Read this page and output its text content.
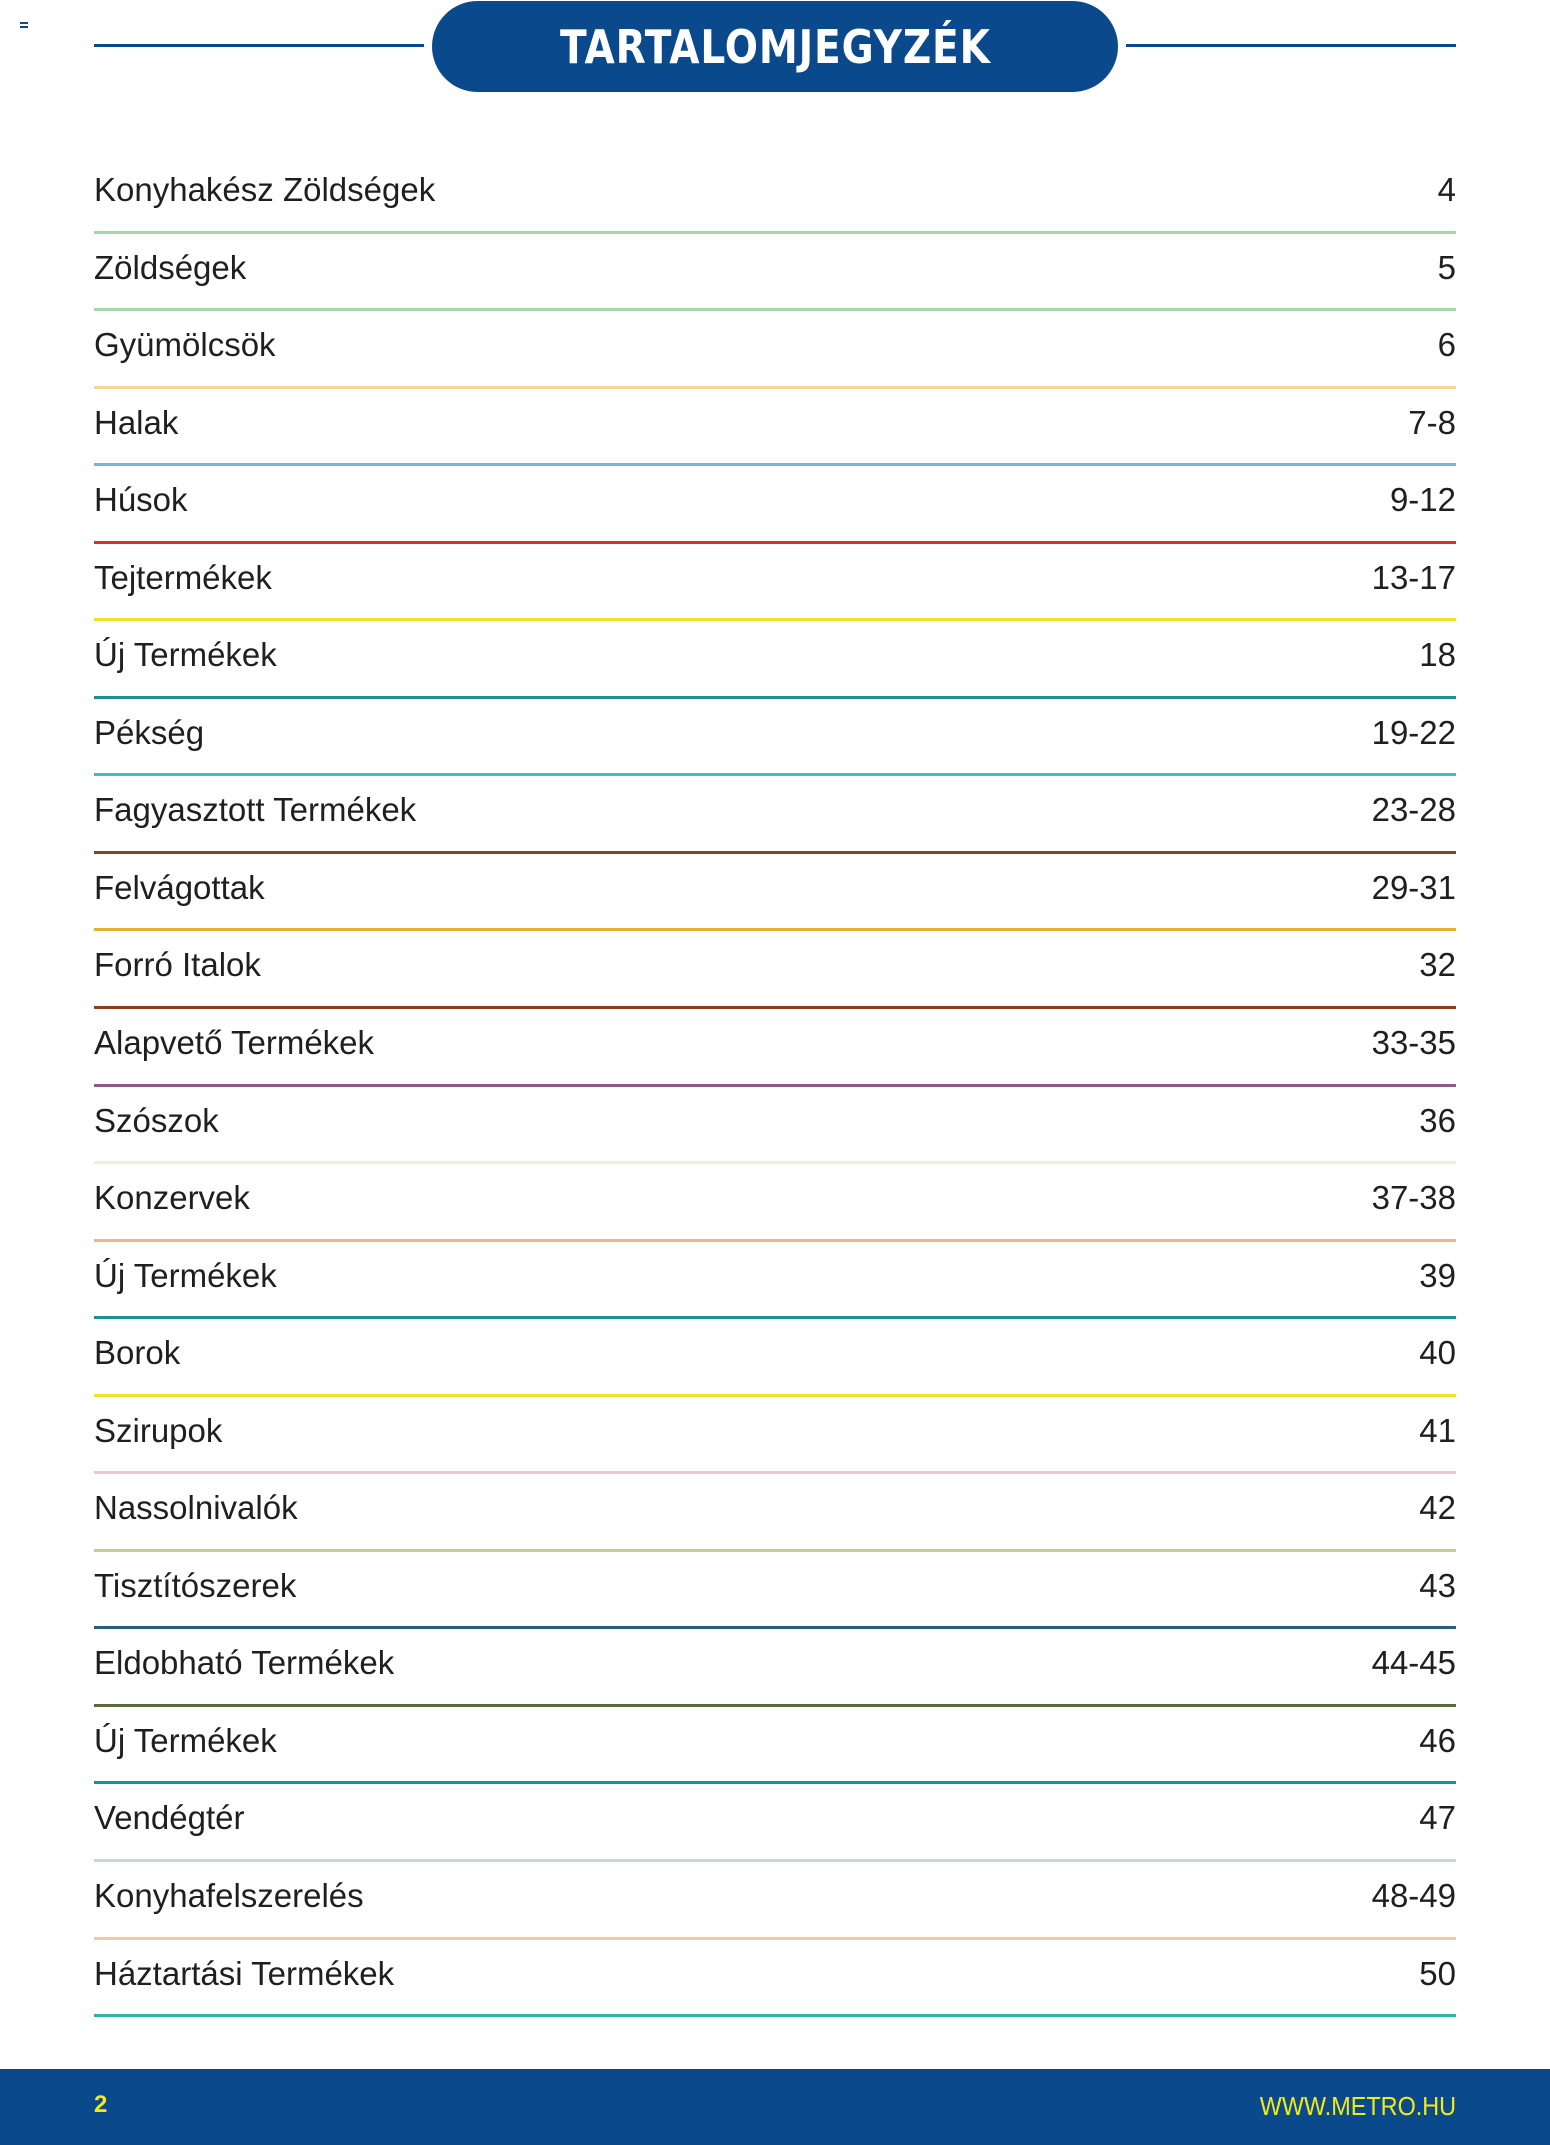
TARTALOMJEGYZÉK
Konyhakész Zöldségek	4
Zöldségek	5
Gyümölcsök	6
Halak	7-8
Húsok	9-12
Tejtermékek	13-17
Új Termékek	18
Pékség	19-22
Fagyasztott Termékek	23-28
Felvágottak	29-31
Forró Italok	32
Alapvető Termékek	33-35
Szószok	36
Konzervek	37-38
Új Termékek	39
Borok	40
Szirupok	41
Nassolnivalók	42
Tisztítószerek	43
Eldobható Termékek	44-45
Új Termékek	46
Vendégtér	47
Konyhafelszerelés	48-49
Háztartási Termékek	50
2	WWW.METRO.HU
